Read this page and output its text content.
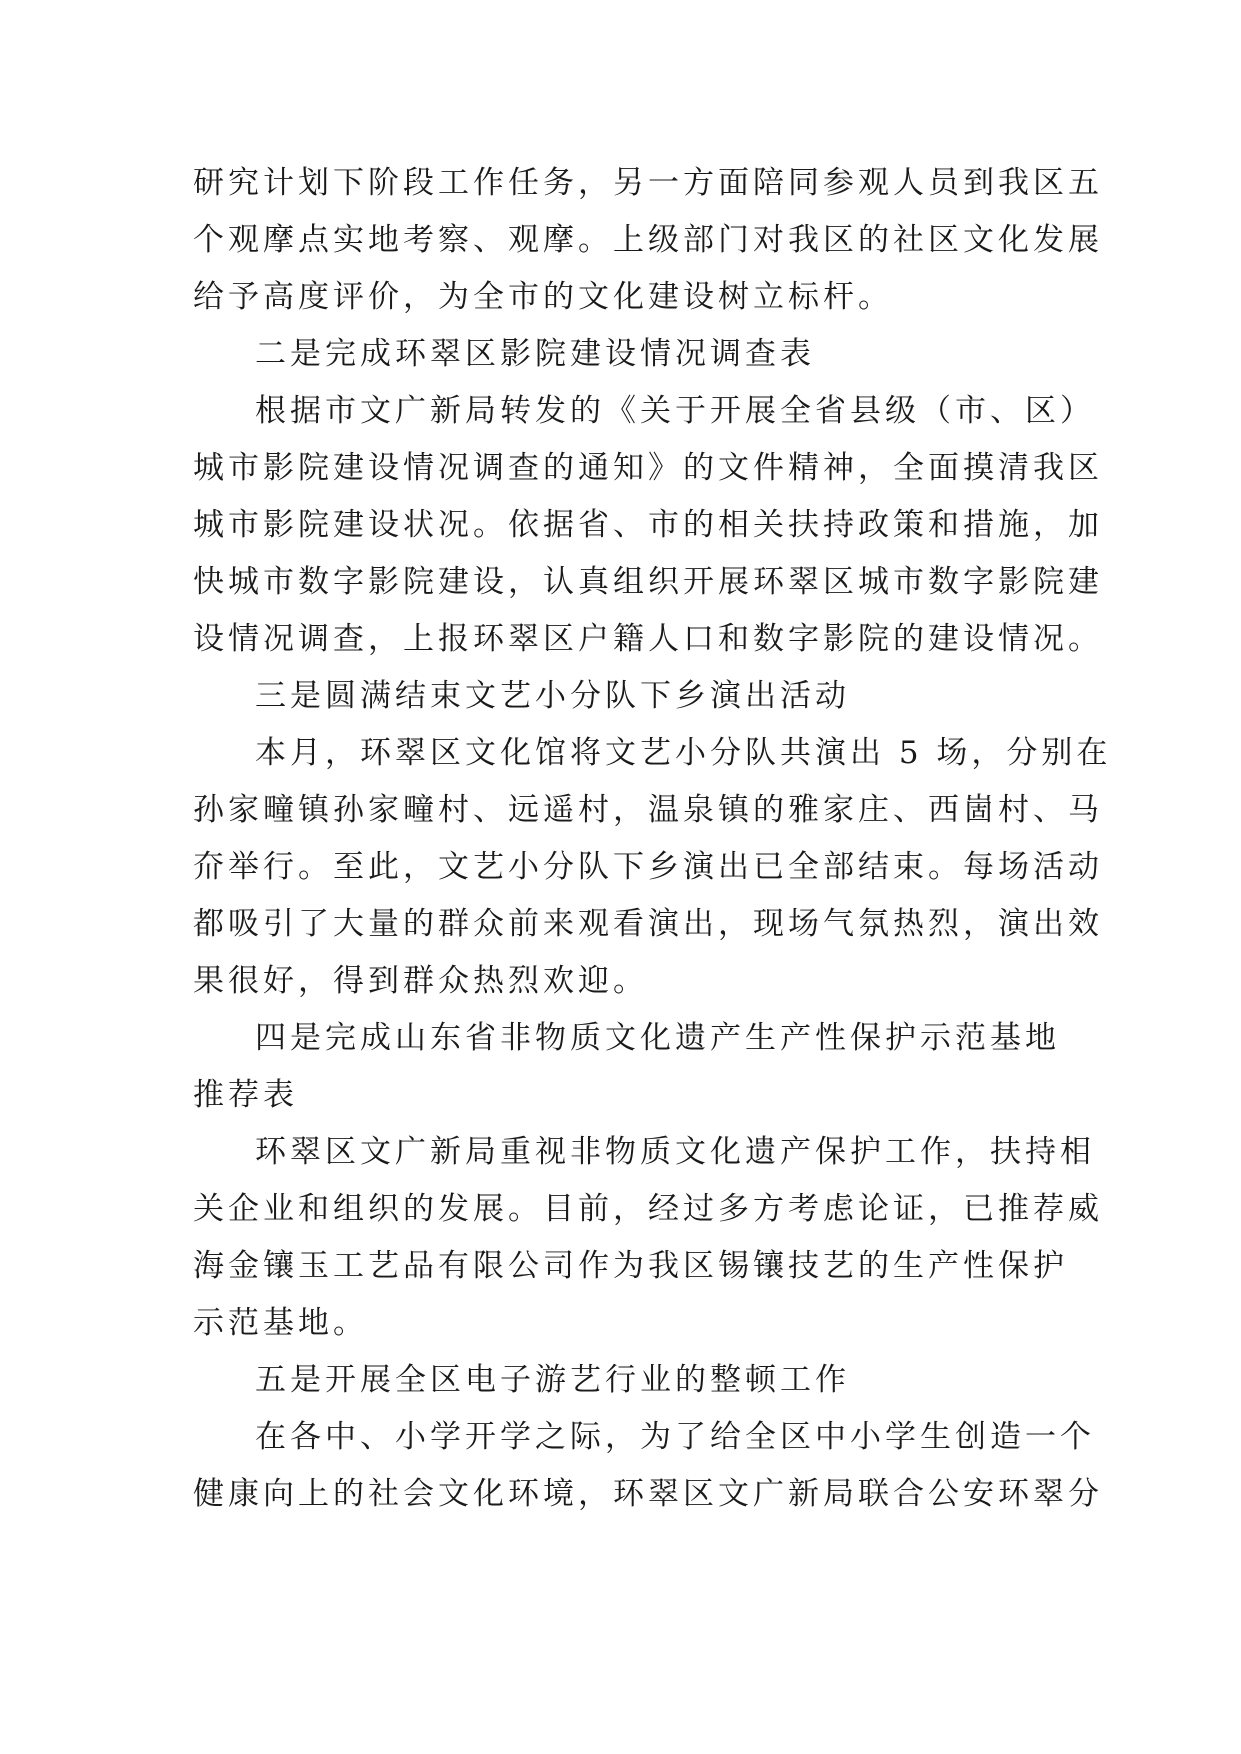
研究计划下阶段工作任务，另一方面陪同参观人员到我区五
个观摩点实地考察、观摩。上级部门对我区的社区文化发展
给予高度评价，为全市的文化建设树立标杆。
二是完成环翠区影院建设情况调查表
根据市文广新局转发的《关于开展全省县级（市、区）
城市影院建设情况调查的通知》的文件精神，全面摸清我区
城市影院建设状况。依据省、市的相关扶持政策和措施，加
快城市数字影院建设，认真组织开展环翠区城市数字影院建
设情况调查，上报环翠区户籍人口和数字影院的建设情况。
三是圆满结束文艺小分队下乡演出活动
本月，环翠区文化馆将文艺小分队共演出 5 场，分别在
孙家疃镇孙家疃村、远遥村，温泉镇的雅家庄、西崮村、马
夼举行。至此，文艺小分队下乡演出已全部结束。每场活动
都吸引了大量的群众前来观看演出，现场气氛热烈，演出效
果很好，得到群众热烈欢迎。
四是完成山东省非物质文化遗产生产性保护示范基地
推荐表
环翠区文广新局重视非物质文化遗产保护工作，扶持相
关企业和组织的发展。目前，经过多方考虑论证，已推荐威
海金镶玉工艺品有限公司作为我区锡镶技艺的生产性保护
示范基地。
五是开展全区电子游艺行业的整顿工作
在各中、小学开学之际，为了给全区中小学生创造一个
健康向上的社会文化环境，环翠区文广新局联合公安环翠分
